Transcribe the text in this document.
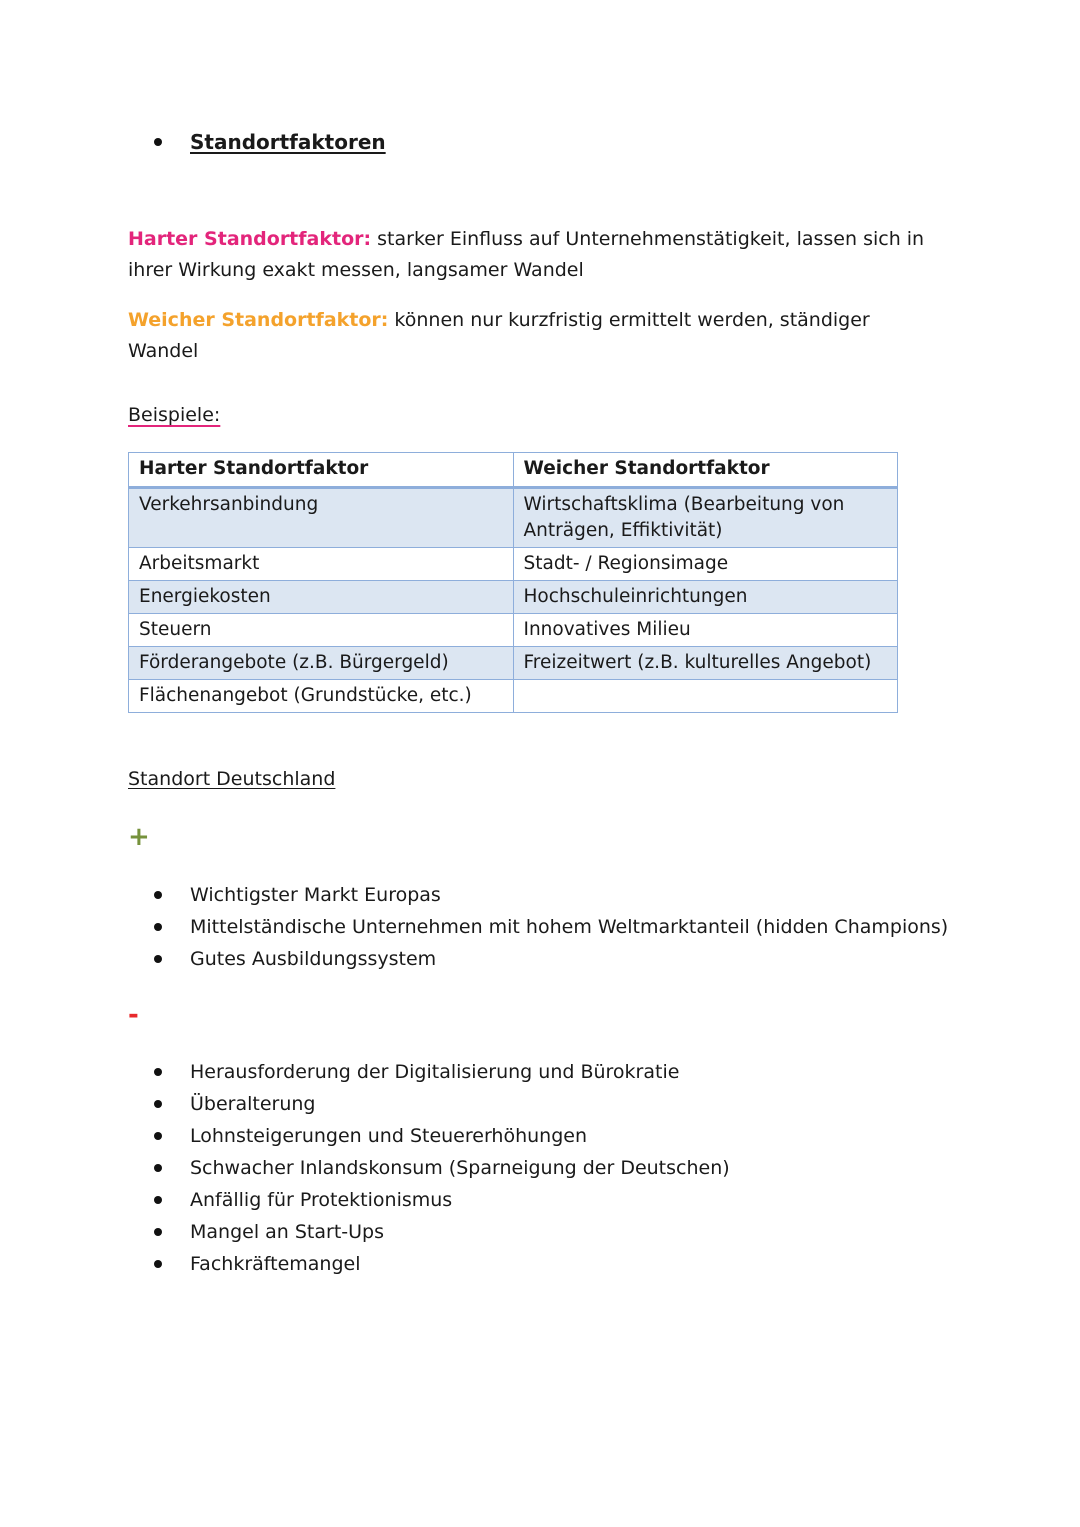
Standortfaktoren
Harter Standortfaktor: starker Einfluss auf Unternehmenstätigkeit, lassen sich in ihrer Wirkung exakt messen, langsamer Wandel
Weicher Standortfaktor: können nur kurzfristig ermittelt werden, ständiger Wandel
Beispiele:
Harter Standortfaktor	Weicher Standortfaktor
Verkehrsanbindung	Wirtschaftsklima (Bearbeitung von Anträgen, Effiktivität)
Arbeitsmarkt	Stadt- / Regionsimage
Energiekosten	Hochschuleinrichtungen
Steuern	Innovatives Milieu
Förderangebote (z.B. Bürgergeld)	Freizeitwert (z.B. kulturelles Angebot)
Flächenangebot (Grundstücke, etc.)	
Standort Deutschland
+
Wichtigster Markt Europas
Mittelständische Unternehmen mit hohem Weltmarktanteil (hidden Champions)
Gutes Ausbildungssystem
-
Herausforderung der Digitalisierung und Bürokratie
Überalterung
Lohnsteigerungen und Steuererhöhungen
Schwacher Inlandskonsum (Sparneigung der Deutschen)
Anfällig für Protektionismus
Mangel an Start-Ups
Fachkräftemangel
